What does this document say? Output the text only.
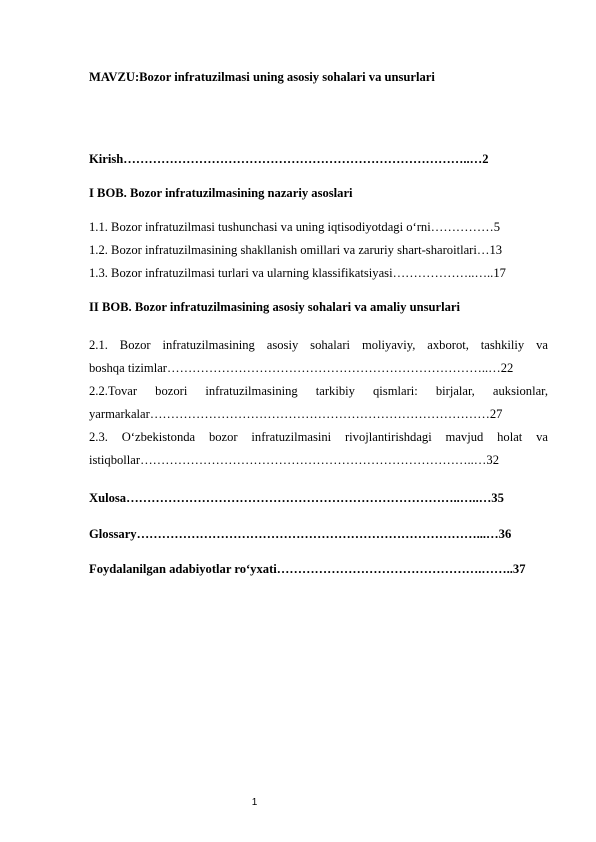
MAVZU:Bozor infratuzilmasi uning asosiy sohalari va unsurlari
Kirish………………………………………………………………………..…2
I BOB. Bozor infratuzilmasining nazariy asoslari
1.1. Bozor infratuzilmasi tushunchasi va uning iqtisodiyotdagi o‘rni……………5
1.2. Bozor infratuzilmasining shakllanish omillari va zaruriy shart-sharoitlari…13
1.3. Bozor infratuzilmasi turlari va ularning klassifikatsiyasi………………..…..17
II BOB. Bozor infratuzilmasining asosiy sohalari va amaliy unsurlari
2.1. Bozor infratuzilmasining asosiy sohalari moliyaviy, axborot, tashkiliy va
boshqa tizimlar…………………………………………………………………..…22
2.2.Tovar bozori infratuzilmasining tarkibiy qismlari: birjalar, auksionlar,
yarmarkalar………………………………………………………………………27
2.3. O‘zbekistonda bozor infratuzilmasini rivojlantirishdagi mavjud holat va
istiqbollar……………………………………………………………………..…32
Xulosa……………………………………………………………………..…..…35
Glossary………………………………………………………………………...…36
Foydalanilgan adabiyotlar ro‘yxati………………………………………….……..37
1
